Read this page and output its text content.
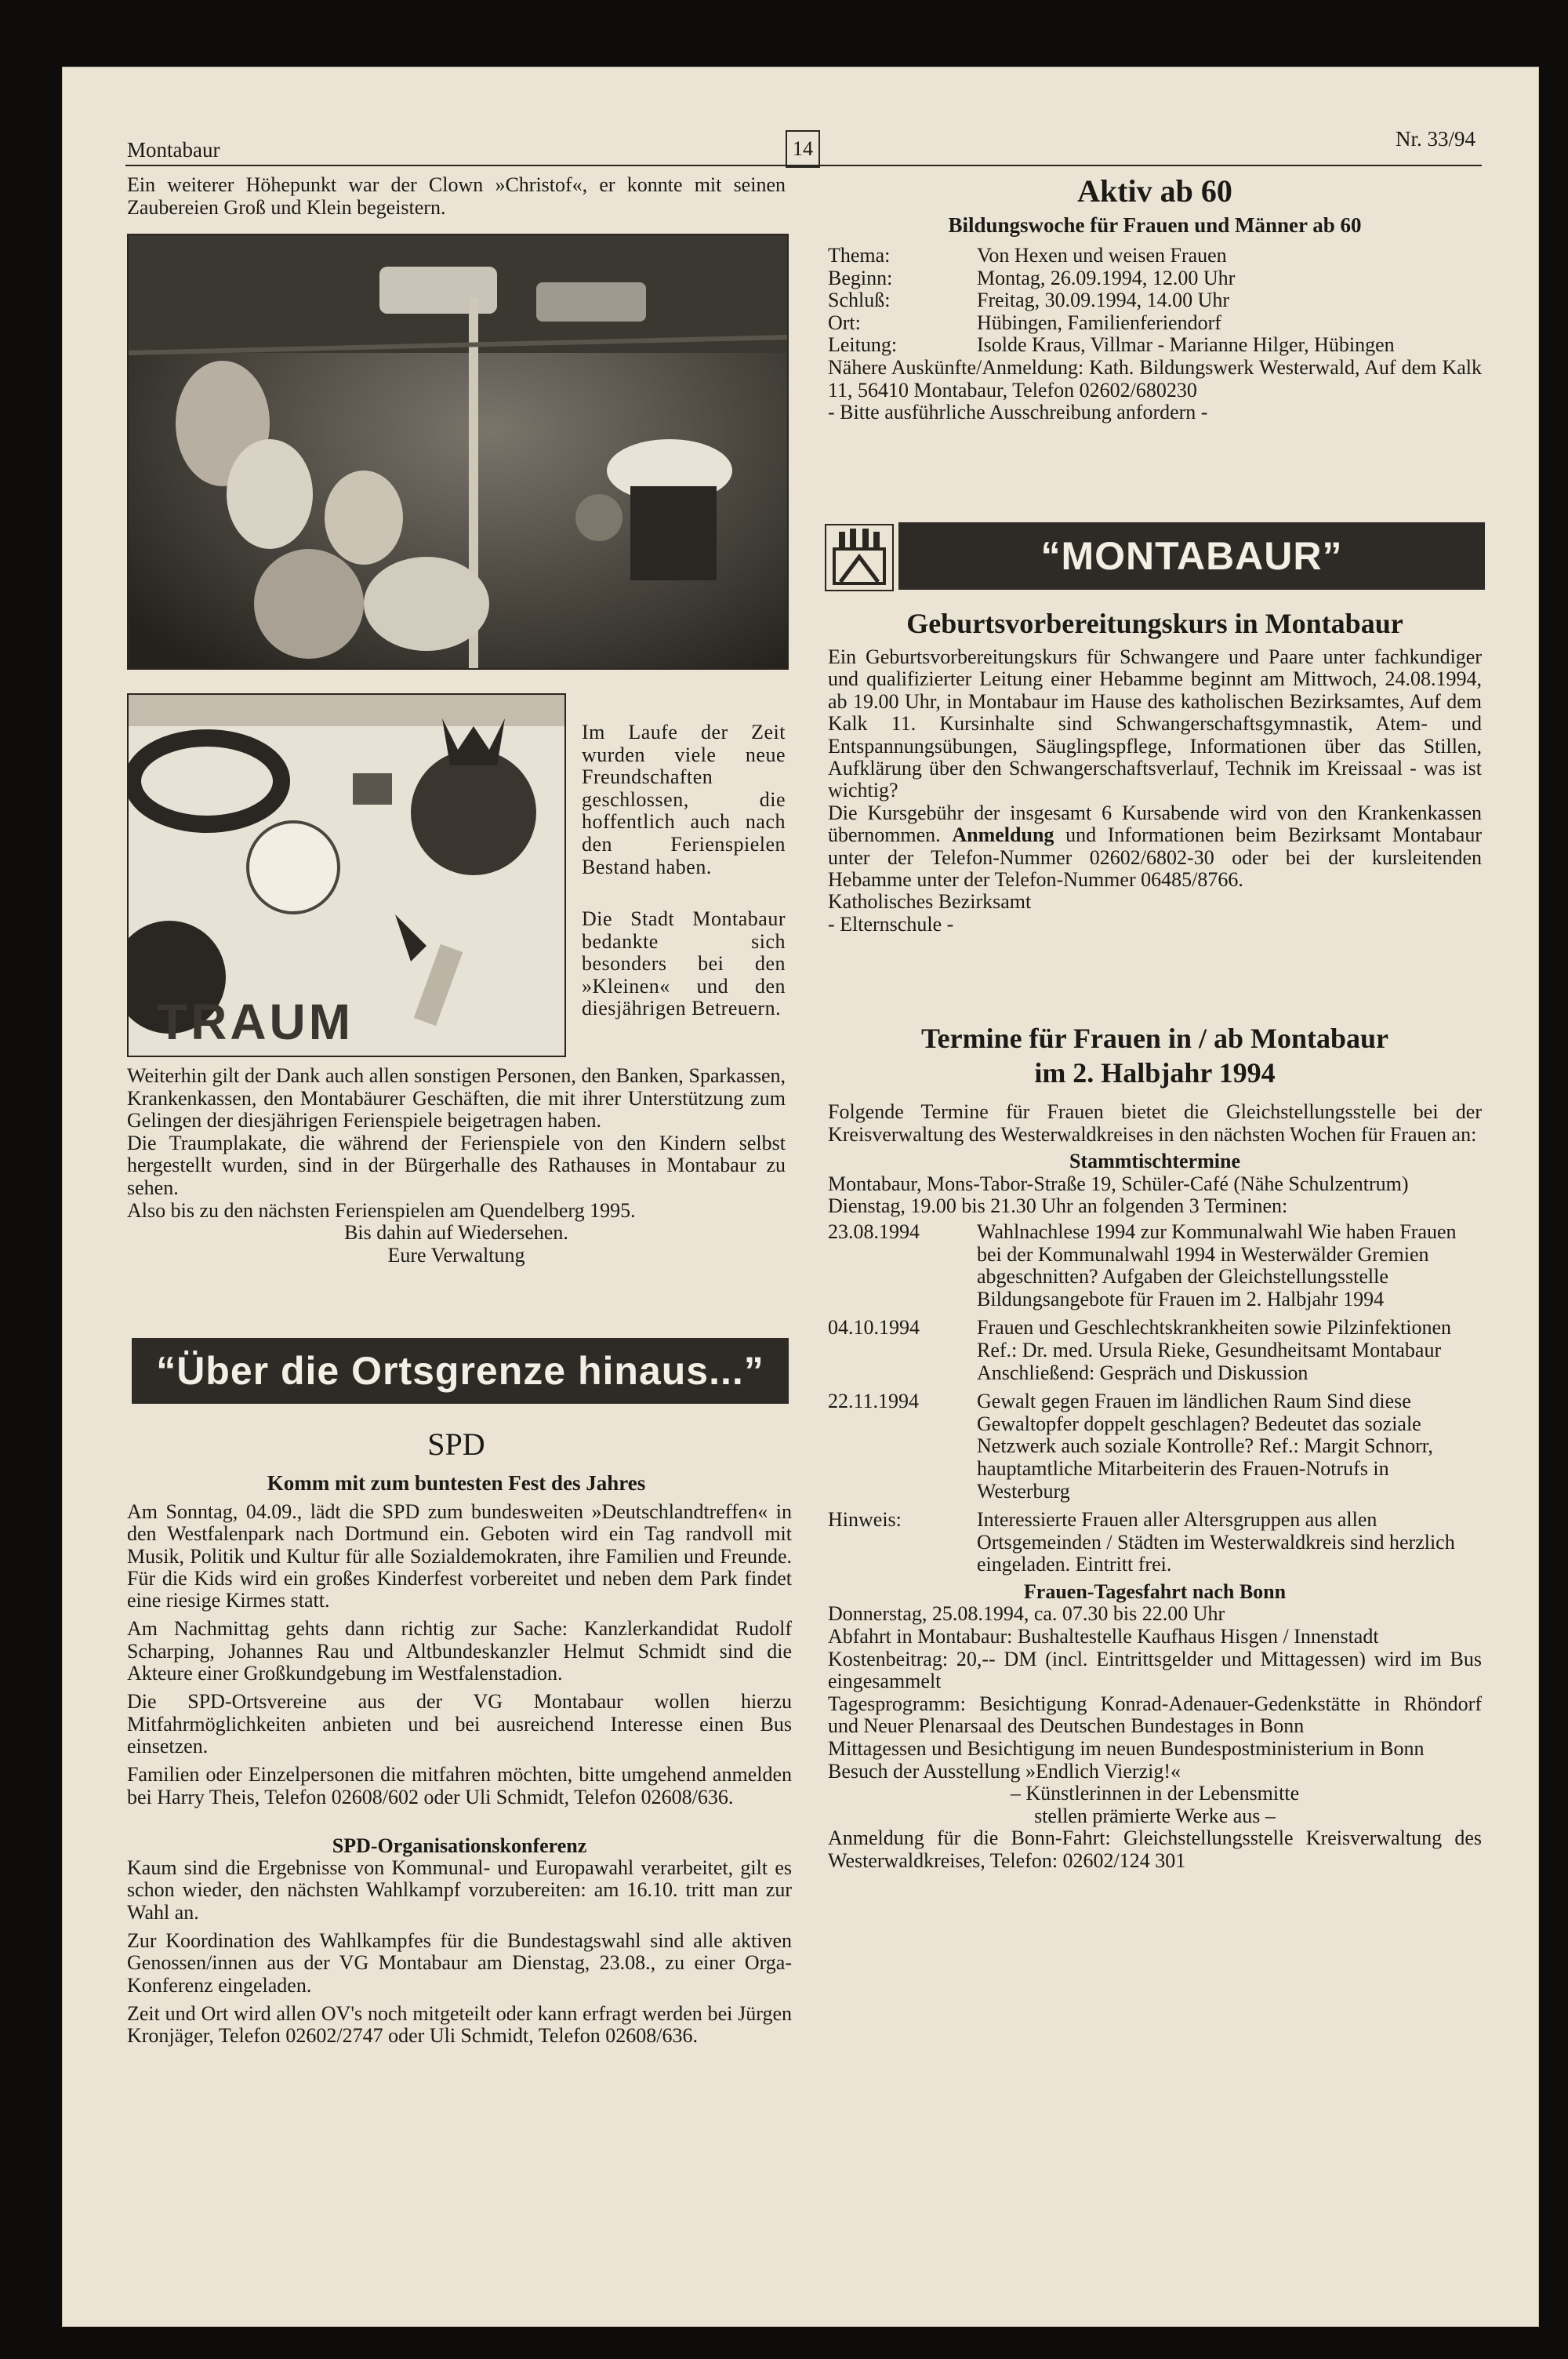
Montabaur	14	Nr. 33/94
Ein weiterer Höhepunkt war der Clown »Christof«, er konnte mit seinen Zaubereien Groß und Klein begeistern.
TRAUM
Im Laufe der Zeit wurden viele neue Freundschaften geschlossen, die hoffentlich auch nach den Ferienspielen Bestand haben.
Die Stadt Montabaur bedankte sich besonders bei den »Kleinen« und den diesjährigen Betreuern.

Weiterhin gilt der Dank auch allen sonstigen Personen, den Banken, Sparkassen, Krankenkassen, den Montabäurer Geschäften, die mit ihrer Unterstützung zum Gelingen der diesjährigen Ferienspiele beigetragen haben.

Die Traumplakate, die während der Ferienspiele von den Kindern selbst hergestellt wurden, sind in der Bürgerhalle des Rathauses in Montabaur zu sehen.

Also bis zu den nächsten Ferienspielen am Quendelberg 1995.

Bis dahin auf Wiedersehen.

Eure Verwaltung

“Über die Ortsgrenze hinaus...”
SPD
Komm mit zum buntesten Fest des Jahres

Am Sonntag, 04.09., lädt die SPD zum bundesweiten »Deutschlandtreffen« in den Westfalenpark nach Dortmund ein. Geboten wird ein Tag randvoll mit Musik, Politik und Kultur für alle Sozialdemokraten, ihre Familien und Freunde. Für die Kids wird ein großes Kinderfest vorbereitet und neben dem Park findet eine riesige Kirmes statt.

Am Nachmittag gehts dann richtig zur Sache: Kanzlerkandidat Rudolf Scharping, Johannes Rau und Altbundeskanzler Helmut Schmidt sind die Akteure einer Großkundgebung im Westfalenstadion.

Die SPD-Ortsvereine aus der VG Montabaur wollen hierzu Mitfahrmöglichkeiten anbieten und bei ausreichend Interesse einen Bus einsetzen.

Familien oder Einzelpersonen die mitfahren möchten, bitte umgehend anmelden bei Harry Theis, Telefon 02608/602 oder Uli Schmidt, Telefon 02608/636.

SPD-Organisationskonferenz

Kaum sind die Ergebnisse von Kommunal- und Europawahl verarbeitet, gilt es schon wieder, den nächsten Wahlkampf vorzubereiten: am 16.10. tritt man zur Wahl an.

Zur Koordination des Wahlkampfes für die Bundestagswahl sind alle aktiven Genossen/innen aus der VG Montabaur am Dienstag, 23.08., zu einer Orga-Konferenz eingeladen.

Zeit und Ort wird allen OV's noch mitgeteilt oder kann erfragt werden bei Jürgen Kronjäger, Telefon 02602/2747 oder Uli Schmidt, Telefon 02608/636.

Aktiv ab 60
Bildungswoche für Frauen und Männer ab 60
Thema:	Von Hexen und weisen Frauen
Beginn:	Montag, 26.09.1994, 12.00 Uhr
Schluß:	Freitag, 30.09.1994, 14.00 Uhr
Ort:	Hübingen, Familienferiendorf
Leitung:	Isolde Kraus, Villmar - Marianne Hilger, Hübingen

Nähere Auskünfte/Anmeldung: Kath. Bildungswerk Westerwald, Auf dem Kalk 11, 56410 Montabaur, Telefon 02602/680230

- Bitte ausführliche Ausschreibung anfordern -

“MONTABAUR”
Geburtsvorbereitungskurs in Montabaur

Ein Geburtsvorbereitungskurs für Schwangere und Paare unter fachkundiger und qualifizierter Leitung einer Hebamme beginnt am Mittwoch, 24.08.1994, ab 19.00 Uhr, in Montabaur im Hause des katholischen Bezirksamtes, Auf dem Kalk 11. Kursinhalte sind Schwangerschaftsgymnastik, Atem- und Entspannungsübungen, Säuglingspflege, Informationen über das Stillen, Aufklärung über den Schwangerschaftsverlauf, Technik im Kreissaal - was ist wichtig?

Die Kursgebühr der insgesamt 6 Kursabende wird von den Krankenkassen übernommen. Anmeldung und Informationen beim Bezirksamt Montabaur unter der Telefon-Nummer 02602/6802-30 oder bei der kursleitenden Hebamme unter der Telefon-Nummer 06485/8766.

Katholisches Bezirksamt

- Elternschule -

Termine für Frauen in / ab Montabaur
im 2. Halbjahr 1994

Folgende Termine für Frauen bietet die Gleichstellungsstelle bei der Kreisverwaltung des Westerwaldkreises in den nächsten Wochen für Frauen an:

Stammtischtermine

Montabaur, Mons-Tabor-Straße 19, Schüler-Café (Nähe Schulzentrum)

Dienstag, 19.00 bis 21.30 Uhr an folgenden 3 Terminen:

23.08.1994	Wahlnachlese 1994 zur Kommunalwahl Wie haben Frauen bei der Kommunalwahl 1994 in Westerwälder Gremien abgeschnitten? Aufgaben der Gleichstellungsstelle Bildungsangebote für Frauen im 2. Halbjahr 1994
04.10.1994	Frauen und Geschlechtskrankheiten sowie Pilzinfektionen Ref.: Dr. med. Ursula Rieke, Gesundheitsamt Montabaur Anschließend: Gespräch und Diskussion
22.11.1994	Gewalt gegen Frauen im ländlichen Raum Sind diese Gewaltopfer doppelt geschlagen? Bedeutet das soziale Netzwerk auch soziale Kontrolle? Ref.: Margit Schnorr, hauptamtliche Mitarbeiterin des Frauen-Notrufs in Westerburg
Hinweis:	Interessierte Frauen aller Altersgruppen aus allen Ortsgemeinden / Städten im Westerwaldkreis sind herzlich eingeladen. Eintritt frei.

Frauen-Tagesfahrt nach Bonn

Donnerstag, 25.08.1994, ca. 07.30 bis 22.00 Uhr

Abfahrt in Montabaur: Bushaltestelle Kaufhaus Hisgen / Innenstadt

Kostenbeitrag: 20,-- DM (incl. Eintrittsgelder und Mittagessen) wird im Bus eingesammelt

Tagesprogramm: Besichtigung Konrad-Adenauer-Gedenkstätte in Rhöndorf und Neuer Plenarsaal des Deutschen Bundestages in Bonn

Mittagessen und Besichtigung im neuen Bundespostministerium in Bonn

Besuch der Ausstellung »Endlich Vierzig!«

– Künstlerinnen in der Lebensmitte

stellen prämierte Werke aus –

Anmeldung für die Bonn-Fahrt: Gleichstellungsstelle Kreisverwaltung des Westerwaldkreises, Telefon: 02602/124 301
